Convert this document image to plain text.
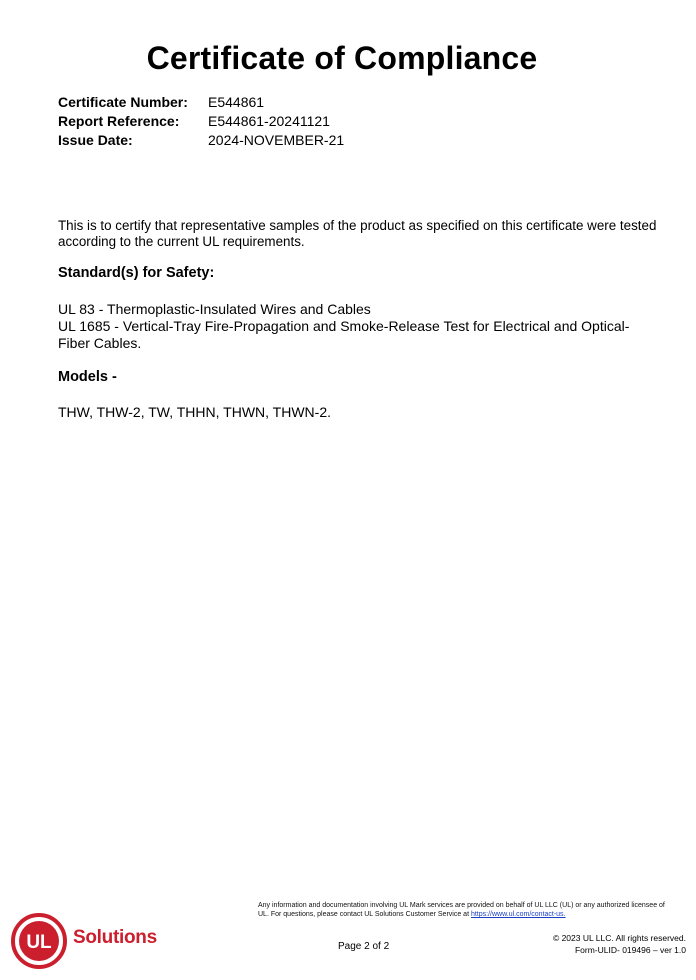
Certificate of Compliance
Certificate Number:	E544861
Report Reference:	E544861-20241121
Issue Date:	2024-NOVEMBER-21
This is to certify that representative samples of the product as specified on this certificate were tested according to the current UL requirements.
Standard(s) for Safety:
UL 83 - Thermoplastic-Insulated Wires and Cables
UL 1685 - Vertical-Tray Fire-Propagation and Smoke-Release Test for Electrical and Optical-Fiber Cables.
Models -
THW, THW-2, TW, THHN, THWN, THWN-2.
Any information and documentation involving UL Mark services are provided on behalf of UL LLC (UL) or any authorized licensee of UL. For questions, please contact UL Solutions Customer Service at https://www.ul.com/contact-us.
UL Solutions	Page 2 of 2
© 2023 UL LLC. All rights reserved.
Form-ULID- 019496 – ver 1.0
